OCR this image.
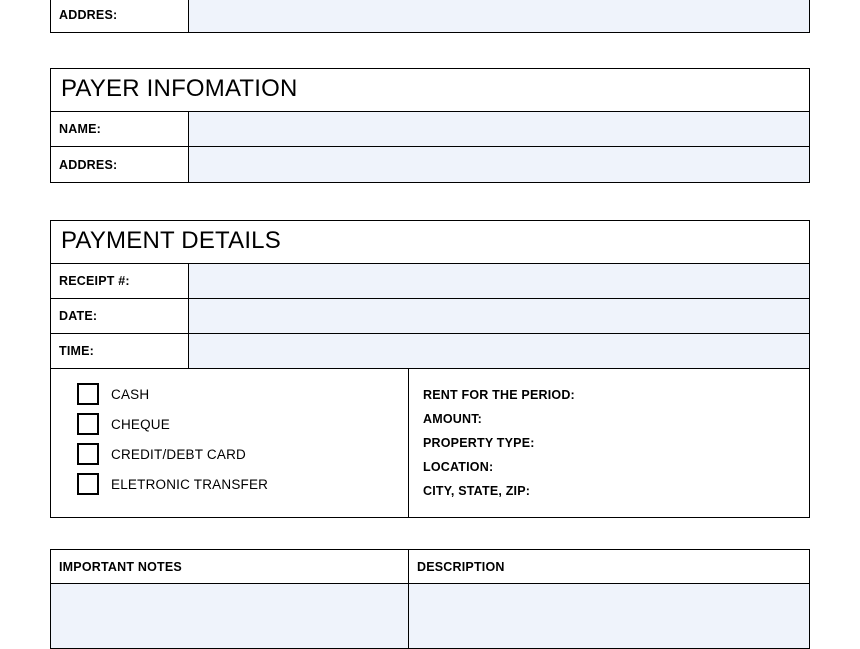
ADDRES:
PAYER INFOMATION
NAME:
ADDRES:
PAYMENT DETAILS
RECEIPT #:
DATE:
TIME:
CASH
CHEQUE
CREDIT/DEBT CARD
ELETRONIC TRANSFER
RENT FOR THE PERIOD:
AMOUNT:
PROPERTY TYPE:
LOCATION:
CITY, STATE, ZIP:
IMPORTANT NOTES	DESCRIPTION
